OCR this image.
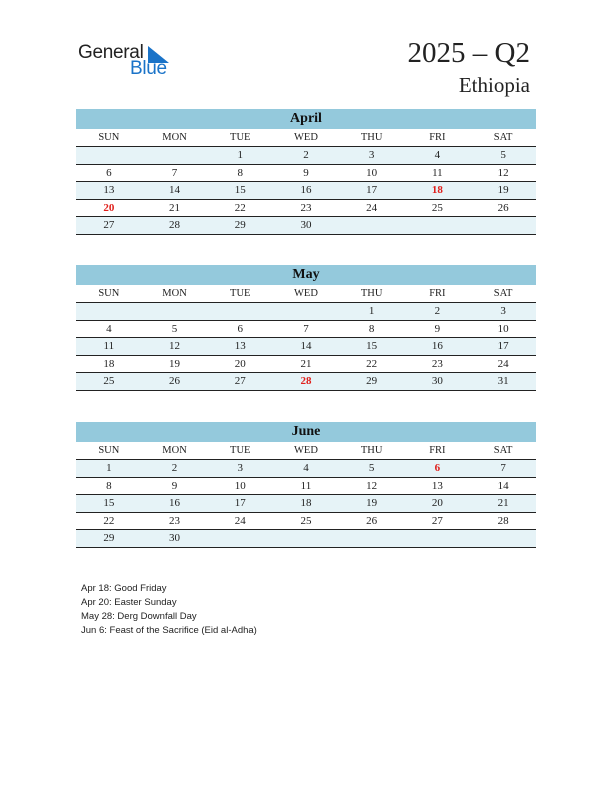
General
Blue	2025 – Q2
Ethiopia
April
SUN	MON	TUE	WED	THU	FRI	SAT
		1	2	3	4	5
6	7	8	9	10	11	12
13	14	15	16	17	18	19
20	21	22	23	24	25	26
27	28	29	30			
May
SUN	MON	TUE	WED	THU	FRI	SAT
				1	2	3
4	5	6	7	8	9	10
11	12	13	14	15	16	17
18	19	20	21	22	23	24
25	26	27	28	29	30	31
June
SUN	MON	TUE	WED	THU	FRI	SAT
1	2	3	4	5	6	7
8	9	10	11	12	13	14
15	16	17	18	19	20	21
22	23	24	25	26	27	28
29	30					
Apr 18: Good Friday
Apr 20: Easter Sunday
May 28: Derg Downfall Day
Jun 6: Feast of the Sacrifice (Eid al-Adha)
